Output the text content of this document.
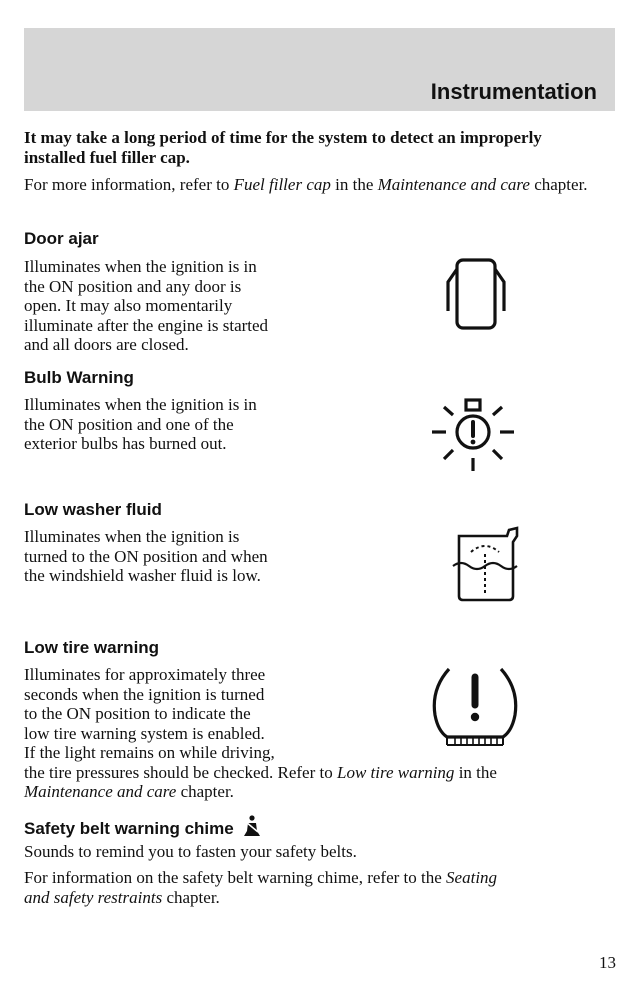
Instrumentation
It may take a long period of time for the system to detect an improperly installed fuel filler cap.
For more information, refer to Fuel filler cap in the Maintenance and care chapter.
Door ajar
Illuminates when the ignition is in
the ON position and any door is
open. It may also momentarily
illuminate after the engine is started
and all doors are closed.
Bulb Warning
Illuminates when the ignition is in
the ON position and one of the
exterior bulbs has burned out.
Low washer fluid
Illuminates when the ignition is
turned to the ON position and when
the windshield washer fluid is low.
Low tire warning
Illuminates for approximately three
seconds when the ignition is turned
to the ON position to indicate the
low tire warning system is enabled.
If the light remains on while driving,
the tire pressures should be checked. Refer to Low tire warning in the
Maintenance and care chapter.
Safety belt warning chime
Sounds to remind you to fasten your safety belts.
For information on the safety belt warning chime, refer to the Seating
and safety restraints chapter.
13
